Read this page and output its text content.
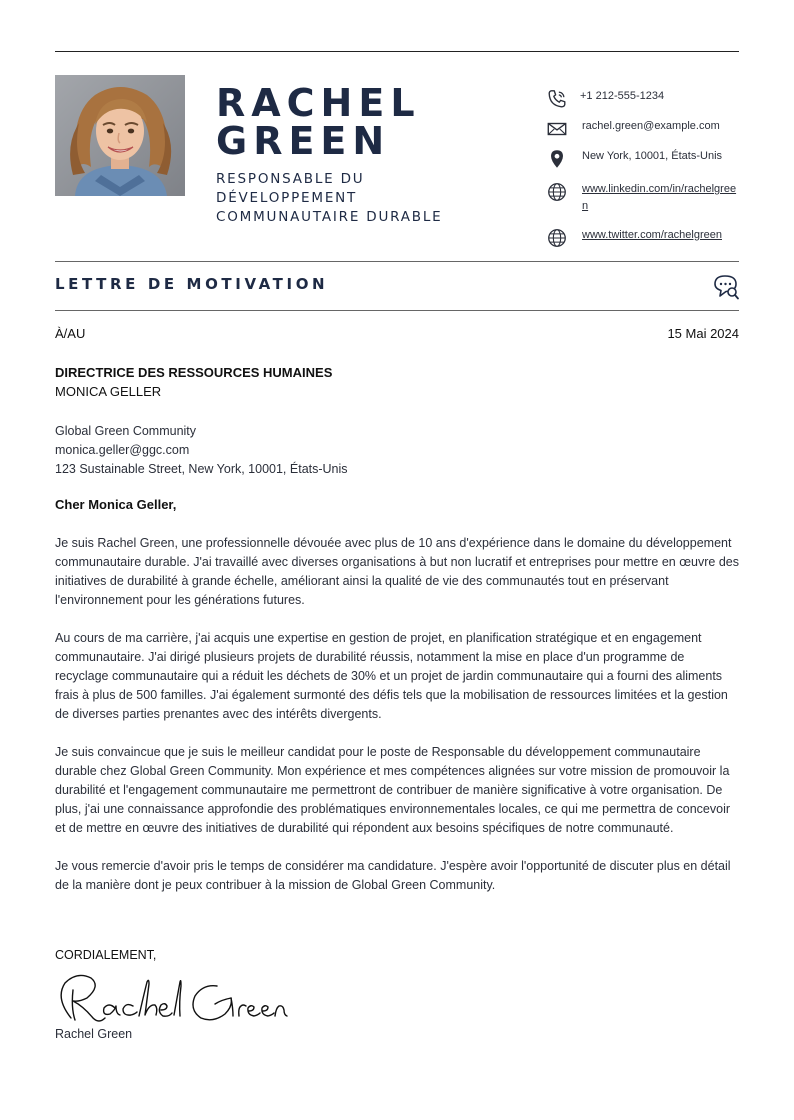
RACHEL
GREEN
RESPONSABLE DU DÉVELOPPEMENT COMMUNAUTAIRE DURABLE
+1 212-555-1234
rachel.green@example.com
New York, 10001, États-Unis
www.linkedin.com/in/rachelgreen
www.twitter.com/rachelgreen
LETTRE DE MOTIVATION
À/AU	15 Mai 2024
DIRECTRICE DES RESSOURCES HUMAINES
MONICA GELLER
Global Green Community
monica.geller@ggc.com
123 Sustainable Street, New York, 10001, États-Unis
Cher Monica Geller,

Je suis Rachel Green, une professionnelle dévouée avec plus de 10 ans d'expérience dans le domaine du développement communautaire durable. J'ai travaillé avec diverses organisations à but non lucratif et entreprises pour mettre en œuvre des initiatives de durabilité à grande échelle, améliorant ainsi la qualité de vie des communautés tout en préservant l'environnement pour les générations futures.

Au cours de ma carrière, j'ai acquis une expertise en gestion de projet, en planification stratégique et en engagement communautaire. J'ai dirigé plusieurs projets de durabilité réussis, notamment la mise en place d'un programme de recyclage communautaire qui a réduit les déchets de 30% et un projet de jardin communautaire qui a fourni des aliments frais à plus de 500 familles. J'ai également surmonté des défis tels que la mobilisation de ressources limitées et la gestion de diverses parties prenantes avec des intérêts divergents.

Je suis convaincue que je suis le meilleur candidat pour le poste de Responsable du développement communautaire durable chez Global Green Community. Mon expérience et mes compétences alignées sur votre mission de promouvoir la durabilité et l'engagement communautaire me permettront de contribuer de manière significative à votre organisation. De plus, j'ai une connaissance approfondie des problématiques environnementales locales, ce qui me permettra de concevoir et de mettre en œuvre des initiatives de durabilité qui répondent aux besoins spécifiques de notre communauté.

Je vous remercie d'avoir pris le temps de considérer ma candidature. J'espère avoir l'opportunité de discuter plus en détail de la manière dont je peux contribuer à la mission de Global Green Community.

CORDIALEMENT,
Rachel Green
